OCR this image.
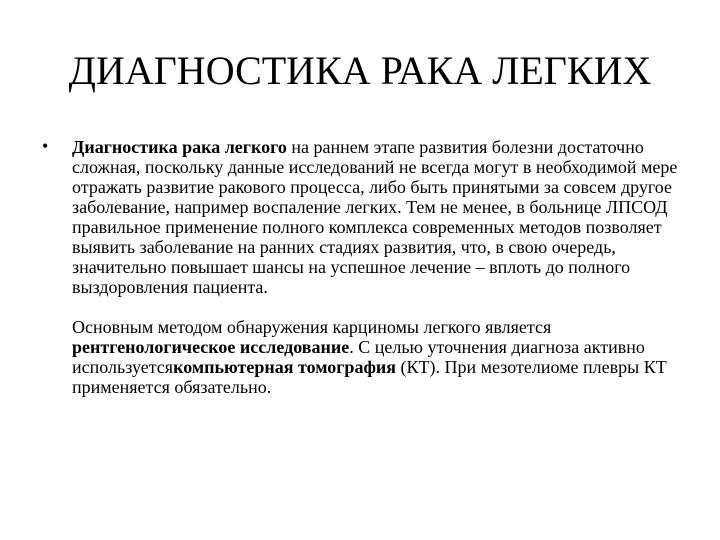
ДИАГНОСТИКА РАКА ЛЕГКИХ
• Диагностика рака легкого на раннем этапе развития болезни достаточно сложная, поскольку данные исследований не всегда могут в необходимой мере отражать развитие ракового процесса, либо быть принятыми за совсем другое заболевание, например воспаление легких. Тем не менее, в больнице ЛПСОД правильное применение полного комплекса современных методов позволяет выявить заболевание на ранних стадиях развития, что, в свою очередь, значительно повышает шансы на успешное лечение – вплоть до полного выздоровления пациента.

Основным методом обнаружения карциномы легкого является рентгенологическое исследование. С целью уточнения диагноза активно используетсякомпьютерная томография (КТ). При мезотелиоме плевры КТ применяется обязательно.
